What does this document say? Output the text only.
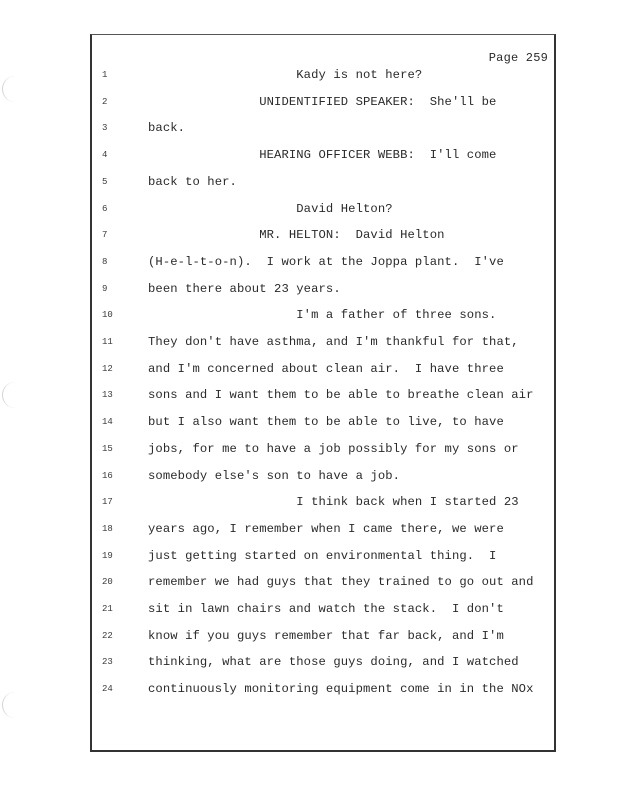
Page 259
1	Kady is not here?
2	UNIDENTIFIED SPEAKER:  She'll be
3	back.
4	HEARING OFFICER WEBB:  I'll come
5	back to her.
6	David Helton?
7	MR. HELTON:  David Helton
8	(H-e-l-t-o-n).  I work at the Joppa plant.  I've
9	been there about 23 years.
10	I'm a father of three sons.
11	They don't have asthma, and I'm thankful for that,
12	and I'm concerned about clean air.  I have three
13	sons and I want them to be able to breathe clean air
14	but I also want them to be able to live, to have
15	jobs, for me to have a job possibly for my sons or
16	somebody else's son to have a job.
17	I think back when I started 23
18	years ago, I remember when I came there, we were
19	just getting started on environmental thing.  I
20	remember we had guys that they trained to go out and
21	sit in lawn chairs and watch the stack.  I don't
22	know if you guys remember that far back, and I'm
23	thinking, what are those guys doing, and I watched
24	continuously monitoring equipment come in in the NOx
